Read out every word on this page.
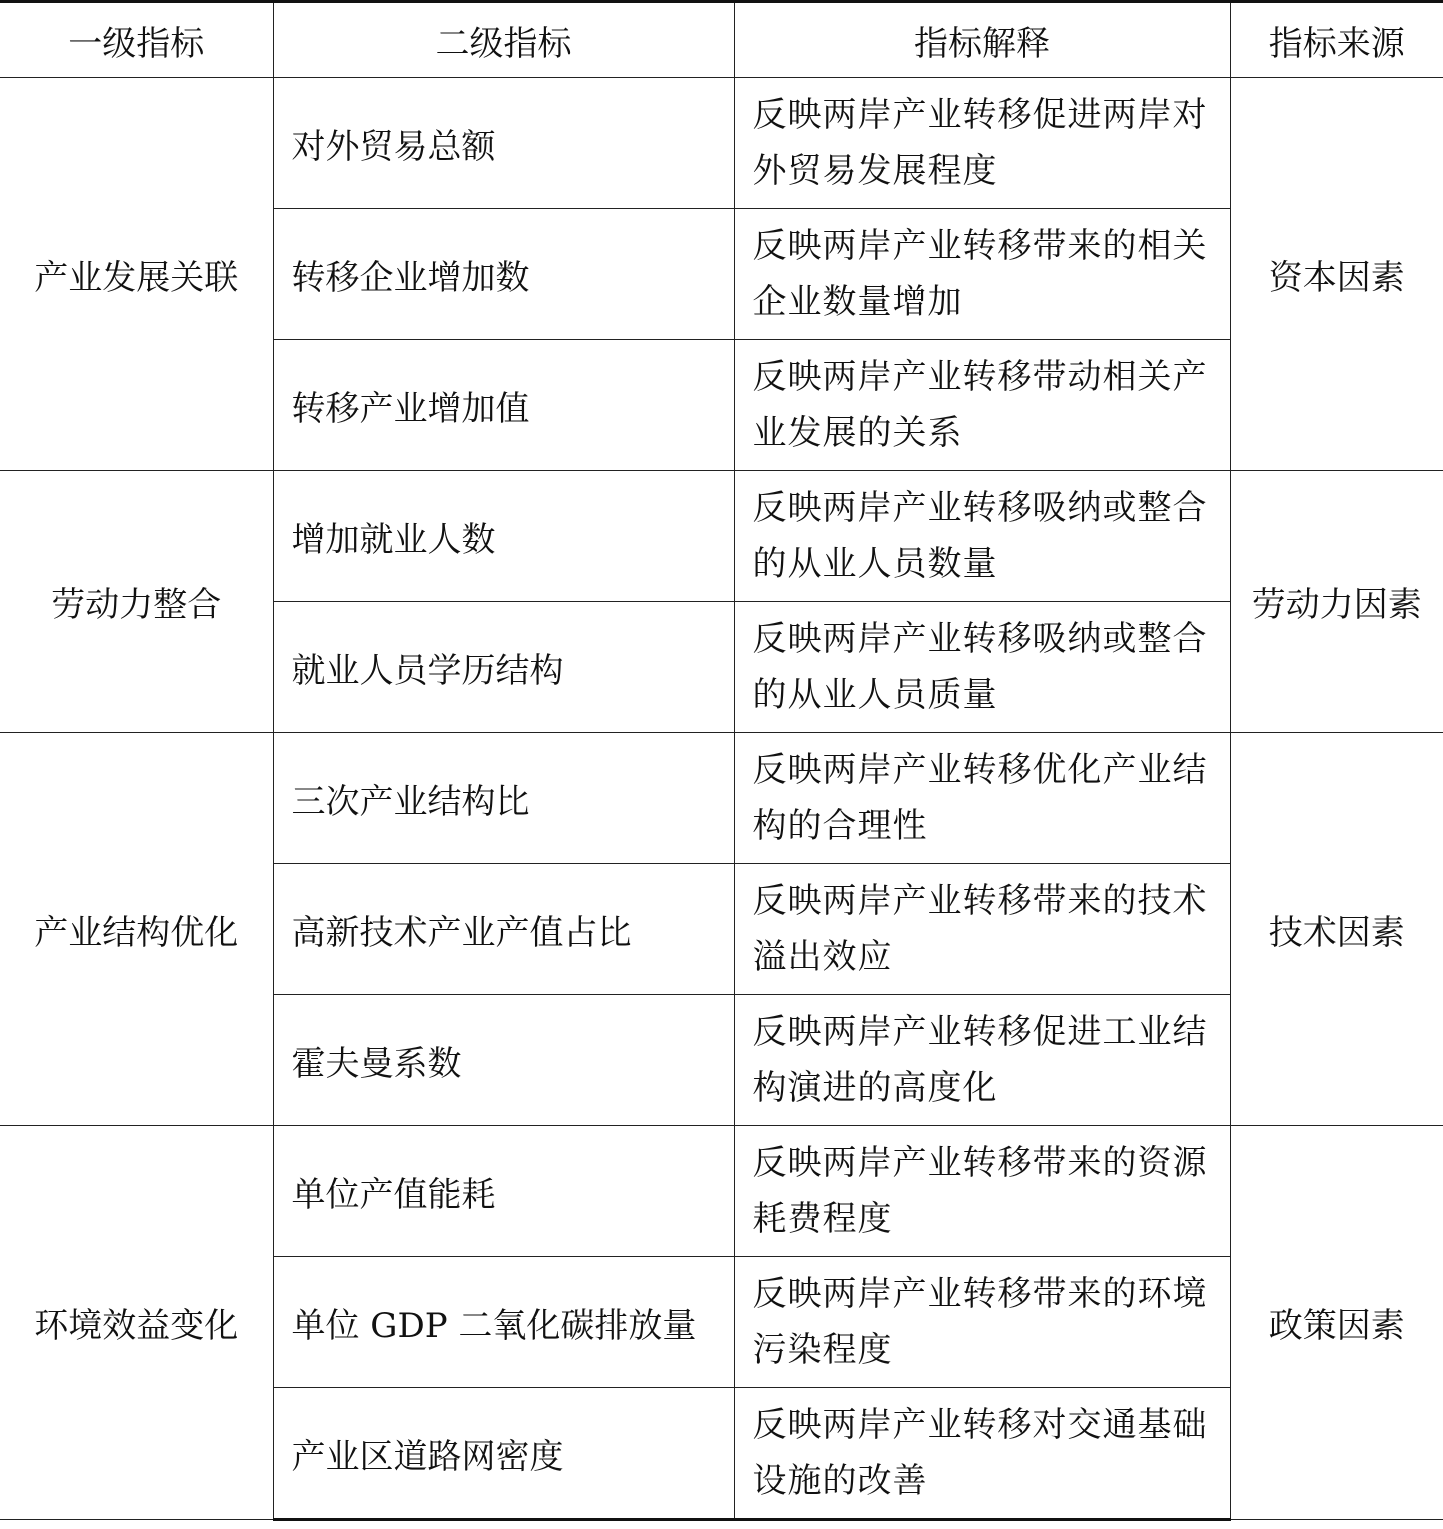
一级指标	二级指标	指标解释	指标来源
产业发展关联	对外贸易总额	反映两岸产业转移促进两岸对外贸易发展程度	资本因素
	转移企业增加数	反映两岸产业转移带来的相关企业数量增加	
	转移产业增加值	反映两岸产业转移带动相关产业发展的关系	
劳动力整合	增加就业人数	反映两岸产业转移吸纳或整合的从业人员数量	劳动力因素
	就业人员学历结构	反映两岸产业转移吸纳或整合的从业人员质量	
产业结构优化	三次产业结构比	反映两岸产业转移优化产业结构的合理性	技术因素
	高新技术产业产值占比	反映两岸产业转移带来的技术溢出效应	
	霍夫曼系数	反映两岸产业转移促进工业结构演进的高度化	
环境效益变化	单位产值能耗	反映两岸产业转移带来的资源耗费程度	政策因素
	单位 GDP 二氧化碳排放量	反映两岸产业转移带来的环境污染程度	
	产业区道路网密度	反映两岸产业转移对交通基础设施的改善	
